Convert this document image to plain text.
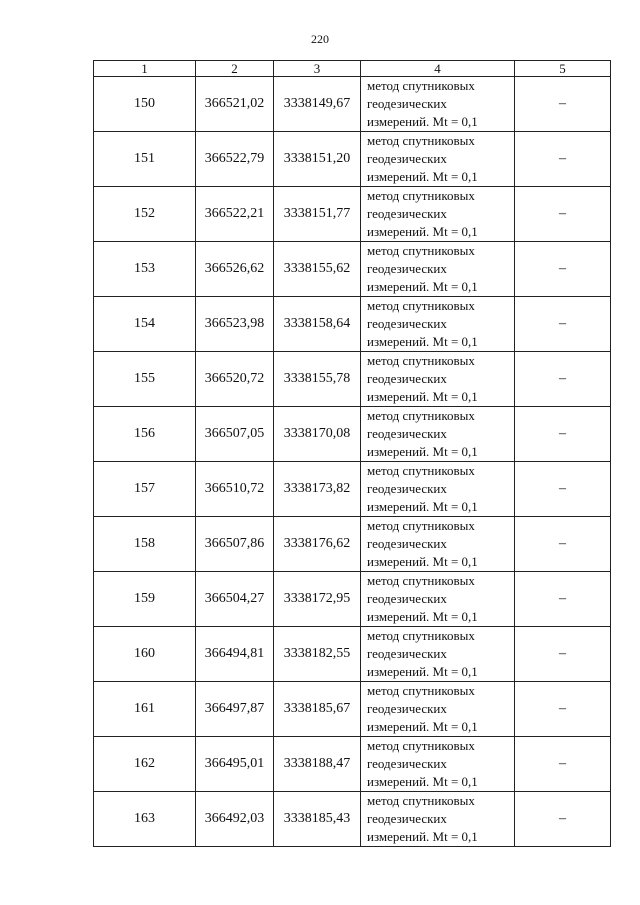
220
1	2	3	4	5
150	366521,02	3338149,67	метод спутниковых
геодезических
измерений. Mt = 0,1	–
151	366522,79	3338151,20	метод спутниковых
геодезических
измерений. Mt = 0,1	–
152	366522,21	3338151,77	метод спутниковых
геодезических
измерений. Mt = 0,1	–
153	366526,62	3338155,62	метод спутниковых
геодезических
измерений. Mt = 0,1	–
154	366523,98	3338158,64	метод спутниковых
геодезических
измерений. Mt = 0,1	–
155	366520,72	3338155,78	метод спутниковых
геодезических
измерений. Mt = 0,1	–
156	366507,05	3338170,08	метод спутниковых
геодезических
измерений. Mt = 0,1	–
157	366510,72	3338173,82	метод спутниковых
геодезических
измерений. Mt = 0,1	–
158	366507,86	3338176,62	метод спутниковых
геодезических
измерений. Mt = 0,1	–
159	366504,27	3338172,95	метод спутниковых
геодезических
измерений. Mt = 0,1	–
160	366494,81	3338182,55	метод спутниковых
геодезических
измерений. Mt = 0,1	–
161	366497,87	3338185,67	метод спутниковых
геодезических
измерений. Mt = 0,1	–
162	366495,01	3338188,47	метод спутниковых
геодезических
измерений. Mt = 0,1	–
163	366492,03	3338185,43	метод спутниковых
геодезических
измерений. Mt = 0,1	–
